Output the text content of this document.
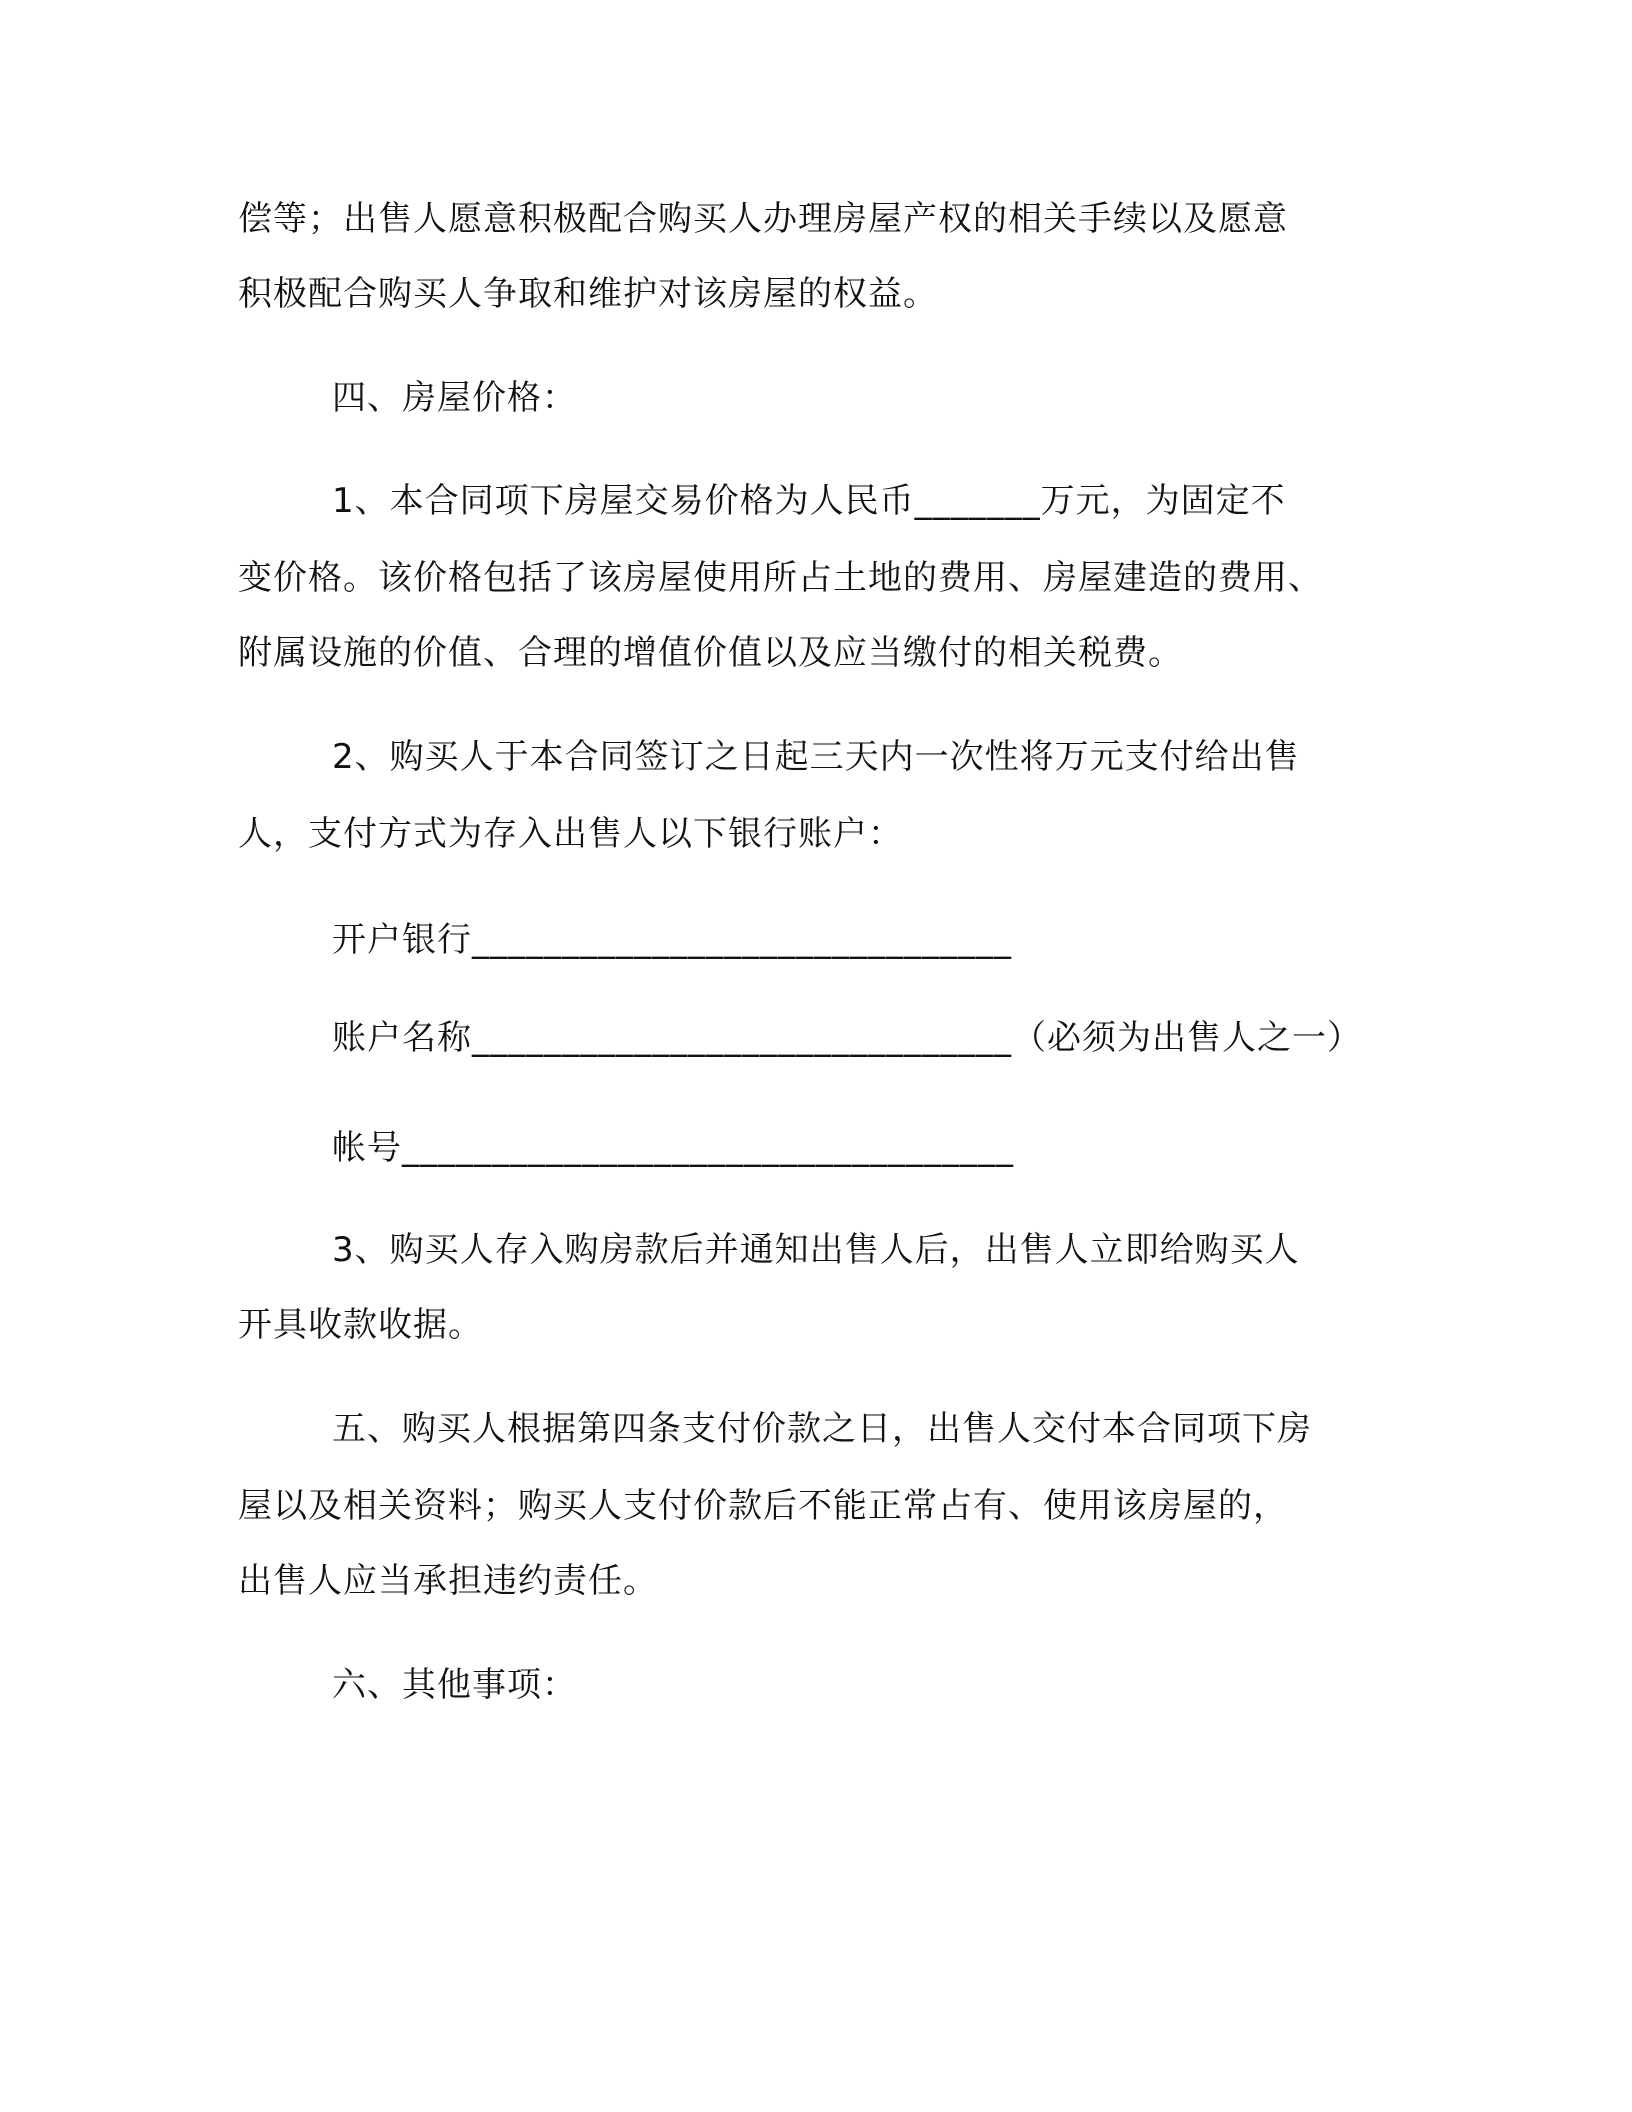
偿等；出售人愿意积极配合购买人办理房屋产权的相关手续以及愿意
积极配合购买人争取和维护对该房屋的权益。
四、房屋价格：
1、本合同项下房屋交易价格为人民币_______万元，为固定不
变价格。该价格包括了该房屋使用所占土地的费用、房屋建造的费用、
附属设施的价值、合理的增值价值以及应当缴付的相关税费。
2、购买人于本合同签订之日起三天内一次性将万元支付给出售
人，支付方式为存入出售人以下银行账户：
开户银行______________________________
账户名称______________________________（必须为出售人之一）
帐号__________________________________
3、购买人存入购房款后并通知出售人后，出售人立即给购买人
开具收款收据。
五、购买人根据第四条支付价款之日，出售人交付本合同项下房
屋以及相关资料；购买人支付价款后不能正常占有、使用该房屋的，
出售人应当承担违约责任。
六、其他事项：
